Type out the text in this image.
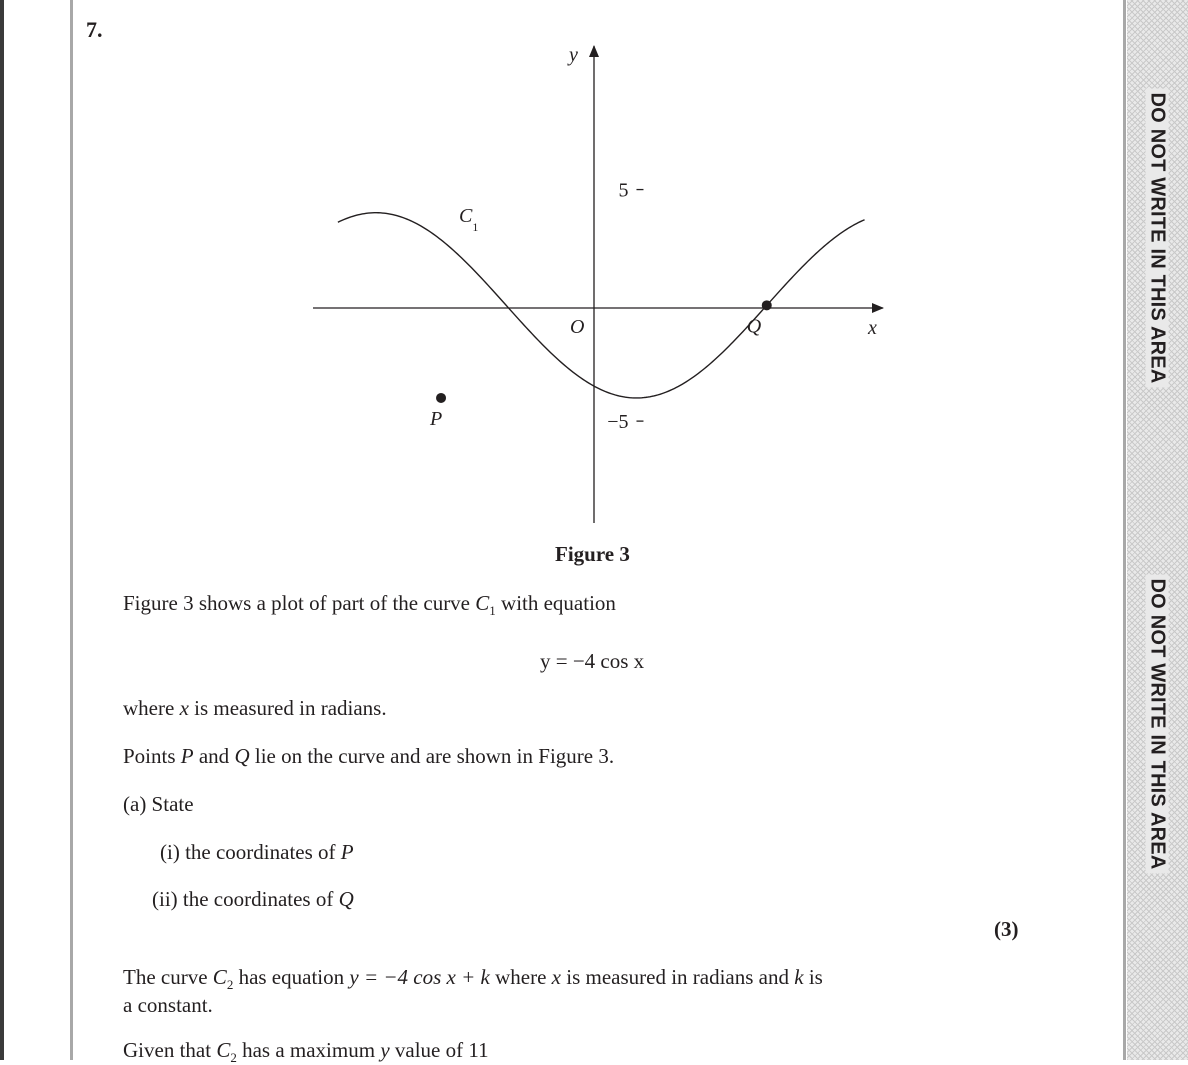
DO NOT WRITE IN THIS AREA
DO NOT WRITE IN THIS AREA
7.
y
x
O
5
−5
$C_1$
P
Q
Figure 3
Figure 3 shows a plot of part of the curve $C_1$ with equation
y = −4 cos x
where x is measured in radians.
Points P and Q lie on the curve and are shown in Figure 3.
(a) State
(i) the coordinates of P
(ii) the coordinates of Q
(3)
The curve $C_2$ has equation y = −4 cos x + k where x is measured in radians and k is
a constant.
Given that $C_2$ has a maximum y value of 11
